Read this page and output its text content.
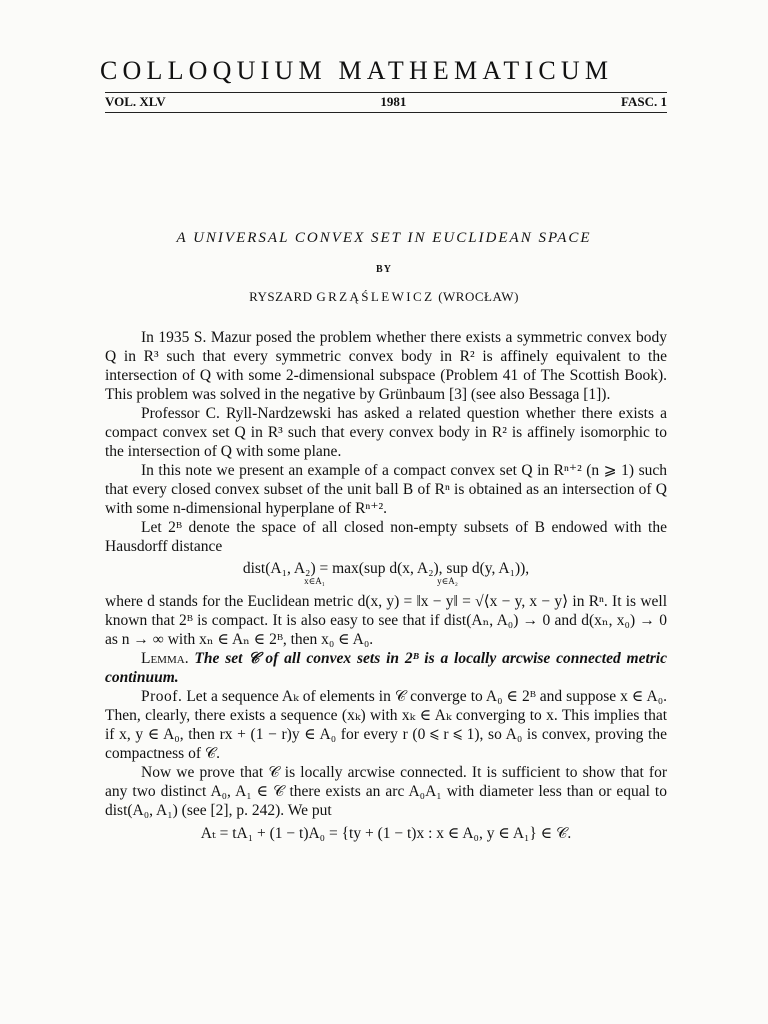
COLLOQUIUM MATHEMATICUM
VOL. XLV	1981	FASC. 1
A UNIVERSAL CONVEX SET IN EUCLIDEAN SPACE
BY
RYSZARD GRZĄŚLEWICZ (WROCŁAW)

In 1935 S. Mazur posed the problem whether there exists a symmetric convex body Q in R³ such that every symmetric convex body in R² is affinely equivalent to the intersection of Q with some 2-dimensional subspace (Problem 41 of The Scottish Book). This problem was solved in the negative by Grünbaum [3] (see also Bessaga [1]).

Professor C. Ryll-Nardzewski has asked a related question whether there exists a compact convex set Q in R³ such that every convex body in R² is affinely isomorphic to the intersection of Q with some plane.

In this note we present an example of a compact convex set Q in Rⁿ⁺² (n ⩾ 1) such that every closed convex subset of the unit ball B of Rⁿ is obtained as an intersection of Q with some n-dimensional hyperplane of Rⁿ⁺².

Let 2ᴮ denote the space of all closed non-empty subsets of B endowed with the Hausdorff distance

dist(A₁, A₂) = max(sup d(x, A₂), sup d(y, A₁)),
x∈A₁	y∈A₂

where d stands for the Euclidean metric d(x, y) = ‖x − y‖ = √⟨x − y, x − y⟩ in Rⁿ. It is well known that 2ᴮ is compact. It is also easy to see that if dist(Aₙ, A₀) → 0 and d(xₙ, x₀) → 0 as n → ∞ with xₙ ∈ Aₙ ∈ 2ᴮ, then x₀ ∈ A₀.

Lemma. The set 𝒞 of all convex sets in 2ᴮ is a locally arcwise connected metric continuum.

Proof. Let a sequence Aₖ of elements in 𝒞 converge to A₀ ∈ 2ᴮ and suppose x ∈ A₀. Then, clearly, there exists a sequence (xₖ) with xₖ ∈ Aₖ converging to x. This implies that if x, y ∈ A₀, then rx + (1 − r)y ∈ A₀ for every r (0 ⩽ r ⩽ 1), so A₀ is convex, proving the compactness of 𝒞.

Now we prove that 𝒞 is locally arcwise connected. It is sufficient to show that for any two distinct A₀, A₁ ∈ 𝒞 there exists an arc A₀A₁ with diameter less than or equal to dist(A₀, A₁) (see [2], p. 242). We put

Aₜ = tA₁ + (1 − t)A₀ = {ty + (1 − t)x : x ∈ A₀, y ∈ A₁} ∈ 𝒞.
